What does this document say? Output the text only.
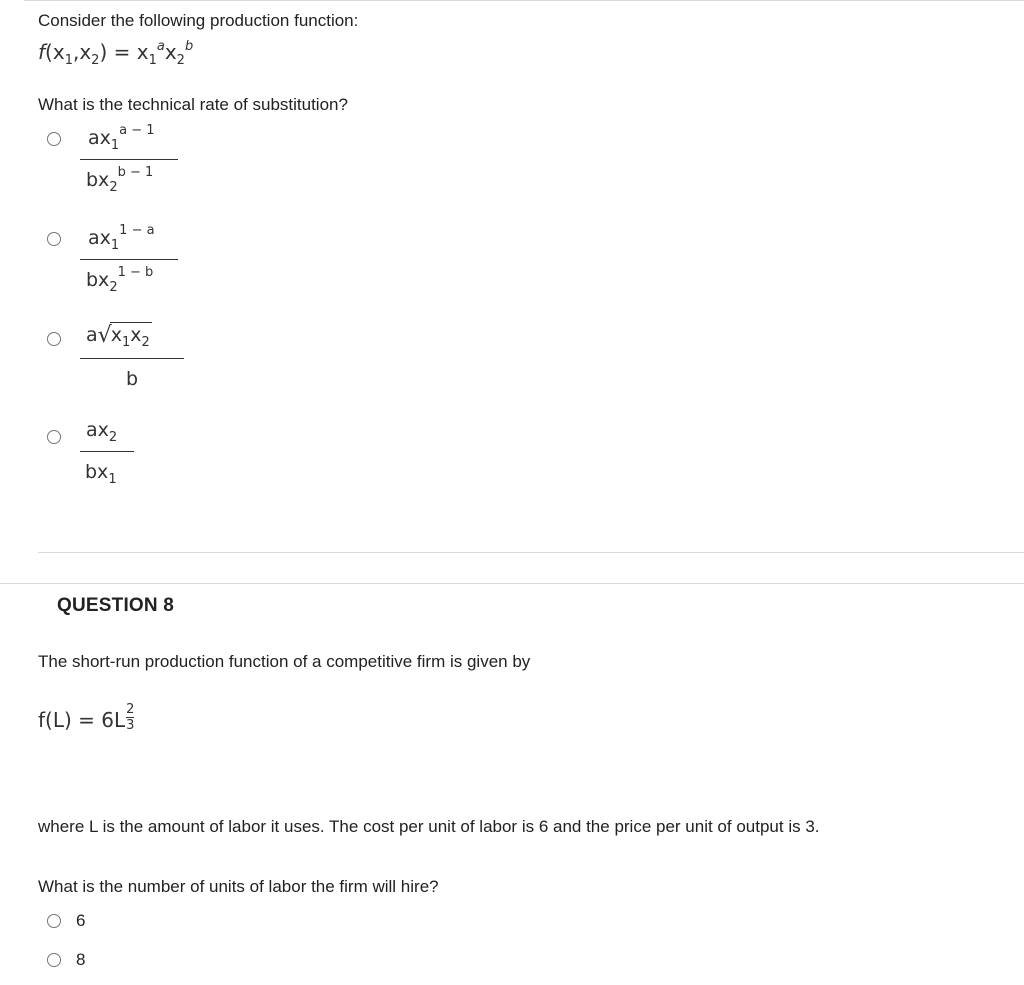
Consider the following production function:
$f(x_1,x_2) = x_1^ax_2^b$
What is the technical rate of substitution?
$ax_1^{a - 1}$
$bx_2^{b - 1}$
$ax_1^{1 - a}$
$bx_2^{1 - b}$
$a√x_1x_2$
b
$ax_2$
$bx_1$
QUESTION 8
The short-run production function of a competitive firm is given by
$f(L) = 6L \frac{2}{3}$
where L is the amount of labor it uses. The cost per unit of labor is 6 and the price per unit of output is 3.
What is the number of units of labor the firm will hire?
6
8
